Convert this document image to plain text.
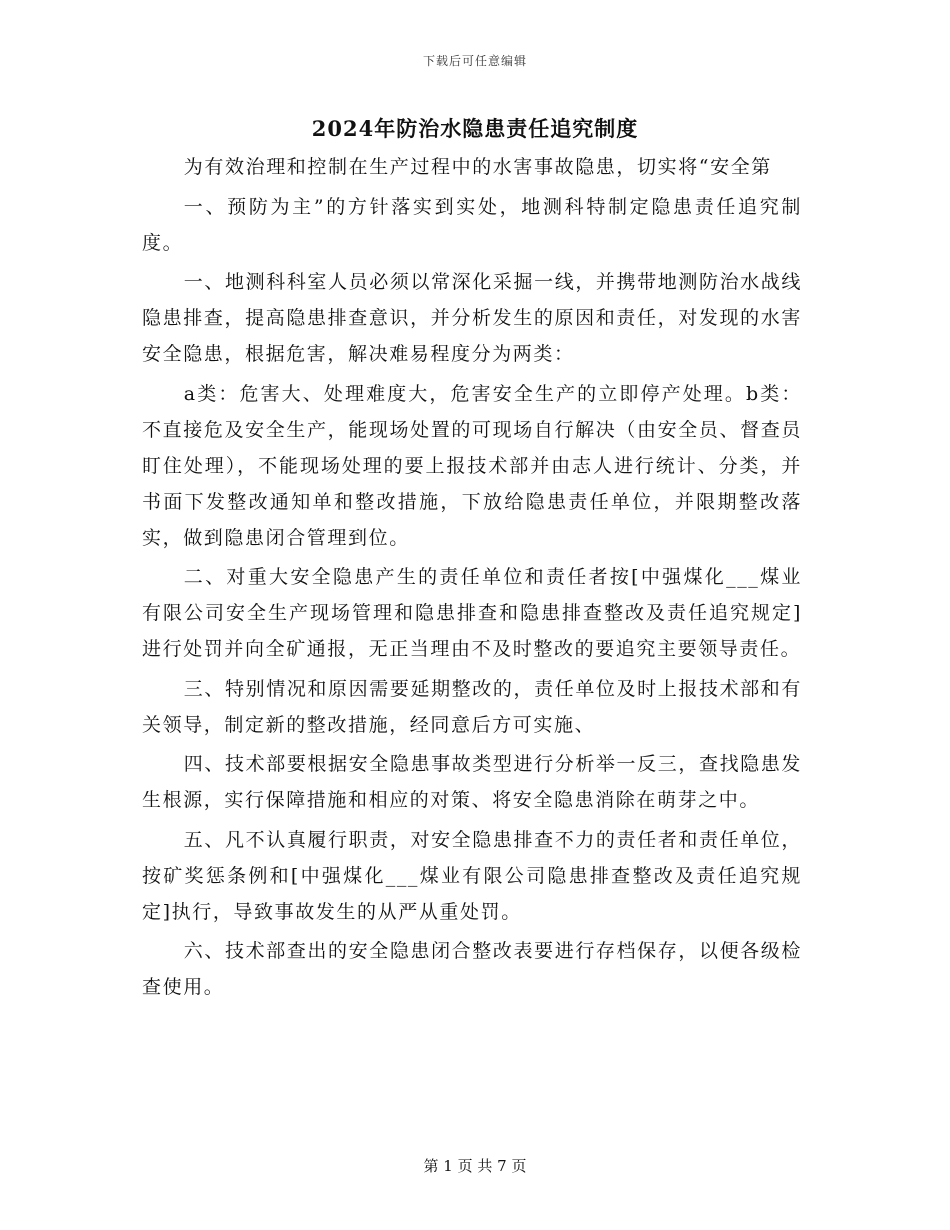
下载后可任意编辑
2024年防治水隐患责任追究制度

为有效治理和控制在生产过程中的水害事故隐患，切实将“安全第

一、预防为主”的方针落实到实处，地测科特制定隐患责任追究制度。

一、地测科科室人员必须以常深化采掘一线，并携带地测防治水战线隐患排查，提高隐患排查意识，并分析发生的原因和责任，对发现的水害安全隐患，根据危害，解决难易程度分为两类：

a类：危害大、处理难度大，危害安全生产的立即停产处理。b类：不直接危及安全生产，能现场处置的可现场自行解决（由安全员、督查员盯住处理），不能现场处理的要上报技术部并由志人进行统计、分类，并书面下发整改通知单和整改措施，下放给隐患责任单位，并限期整改落实，做到隐患闭合管理到位。

二、对重大安全隐患产生的责任单位和责任者按[中强煤化___煤业有限公司安全生产现场管理和隐患排查和隐患排查整改及责任追究规定]进行处罚并向全矿通报，无正当理由不及时整改的要追究主要领导责任。

三、特别情况和原因需要延期整改的，责任单位及时上报技术部和有关领导，制定新的整改措施，经同意后方可实施、

四、技术部要根据安全隐患事故类型进行分析举一反三，查找隐患发生根源，实行保障措施和相应的对策、将安全隐患消除在萌芽之中。

五、凡不认真履行职责，对安全隐患排查不力的责任者和责任单位，按矿奖惩条例和[中强煤化___煤业有限公司隐患排查整改及责任追究规定]执行，导致事故发生的从严从重处罚。

六、技术部查出的安全隐患闭合整改表要进行存档保存，以便各级检查使用。

第 1 页 共 7 页
